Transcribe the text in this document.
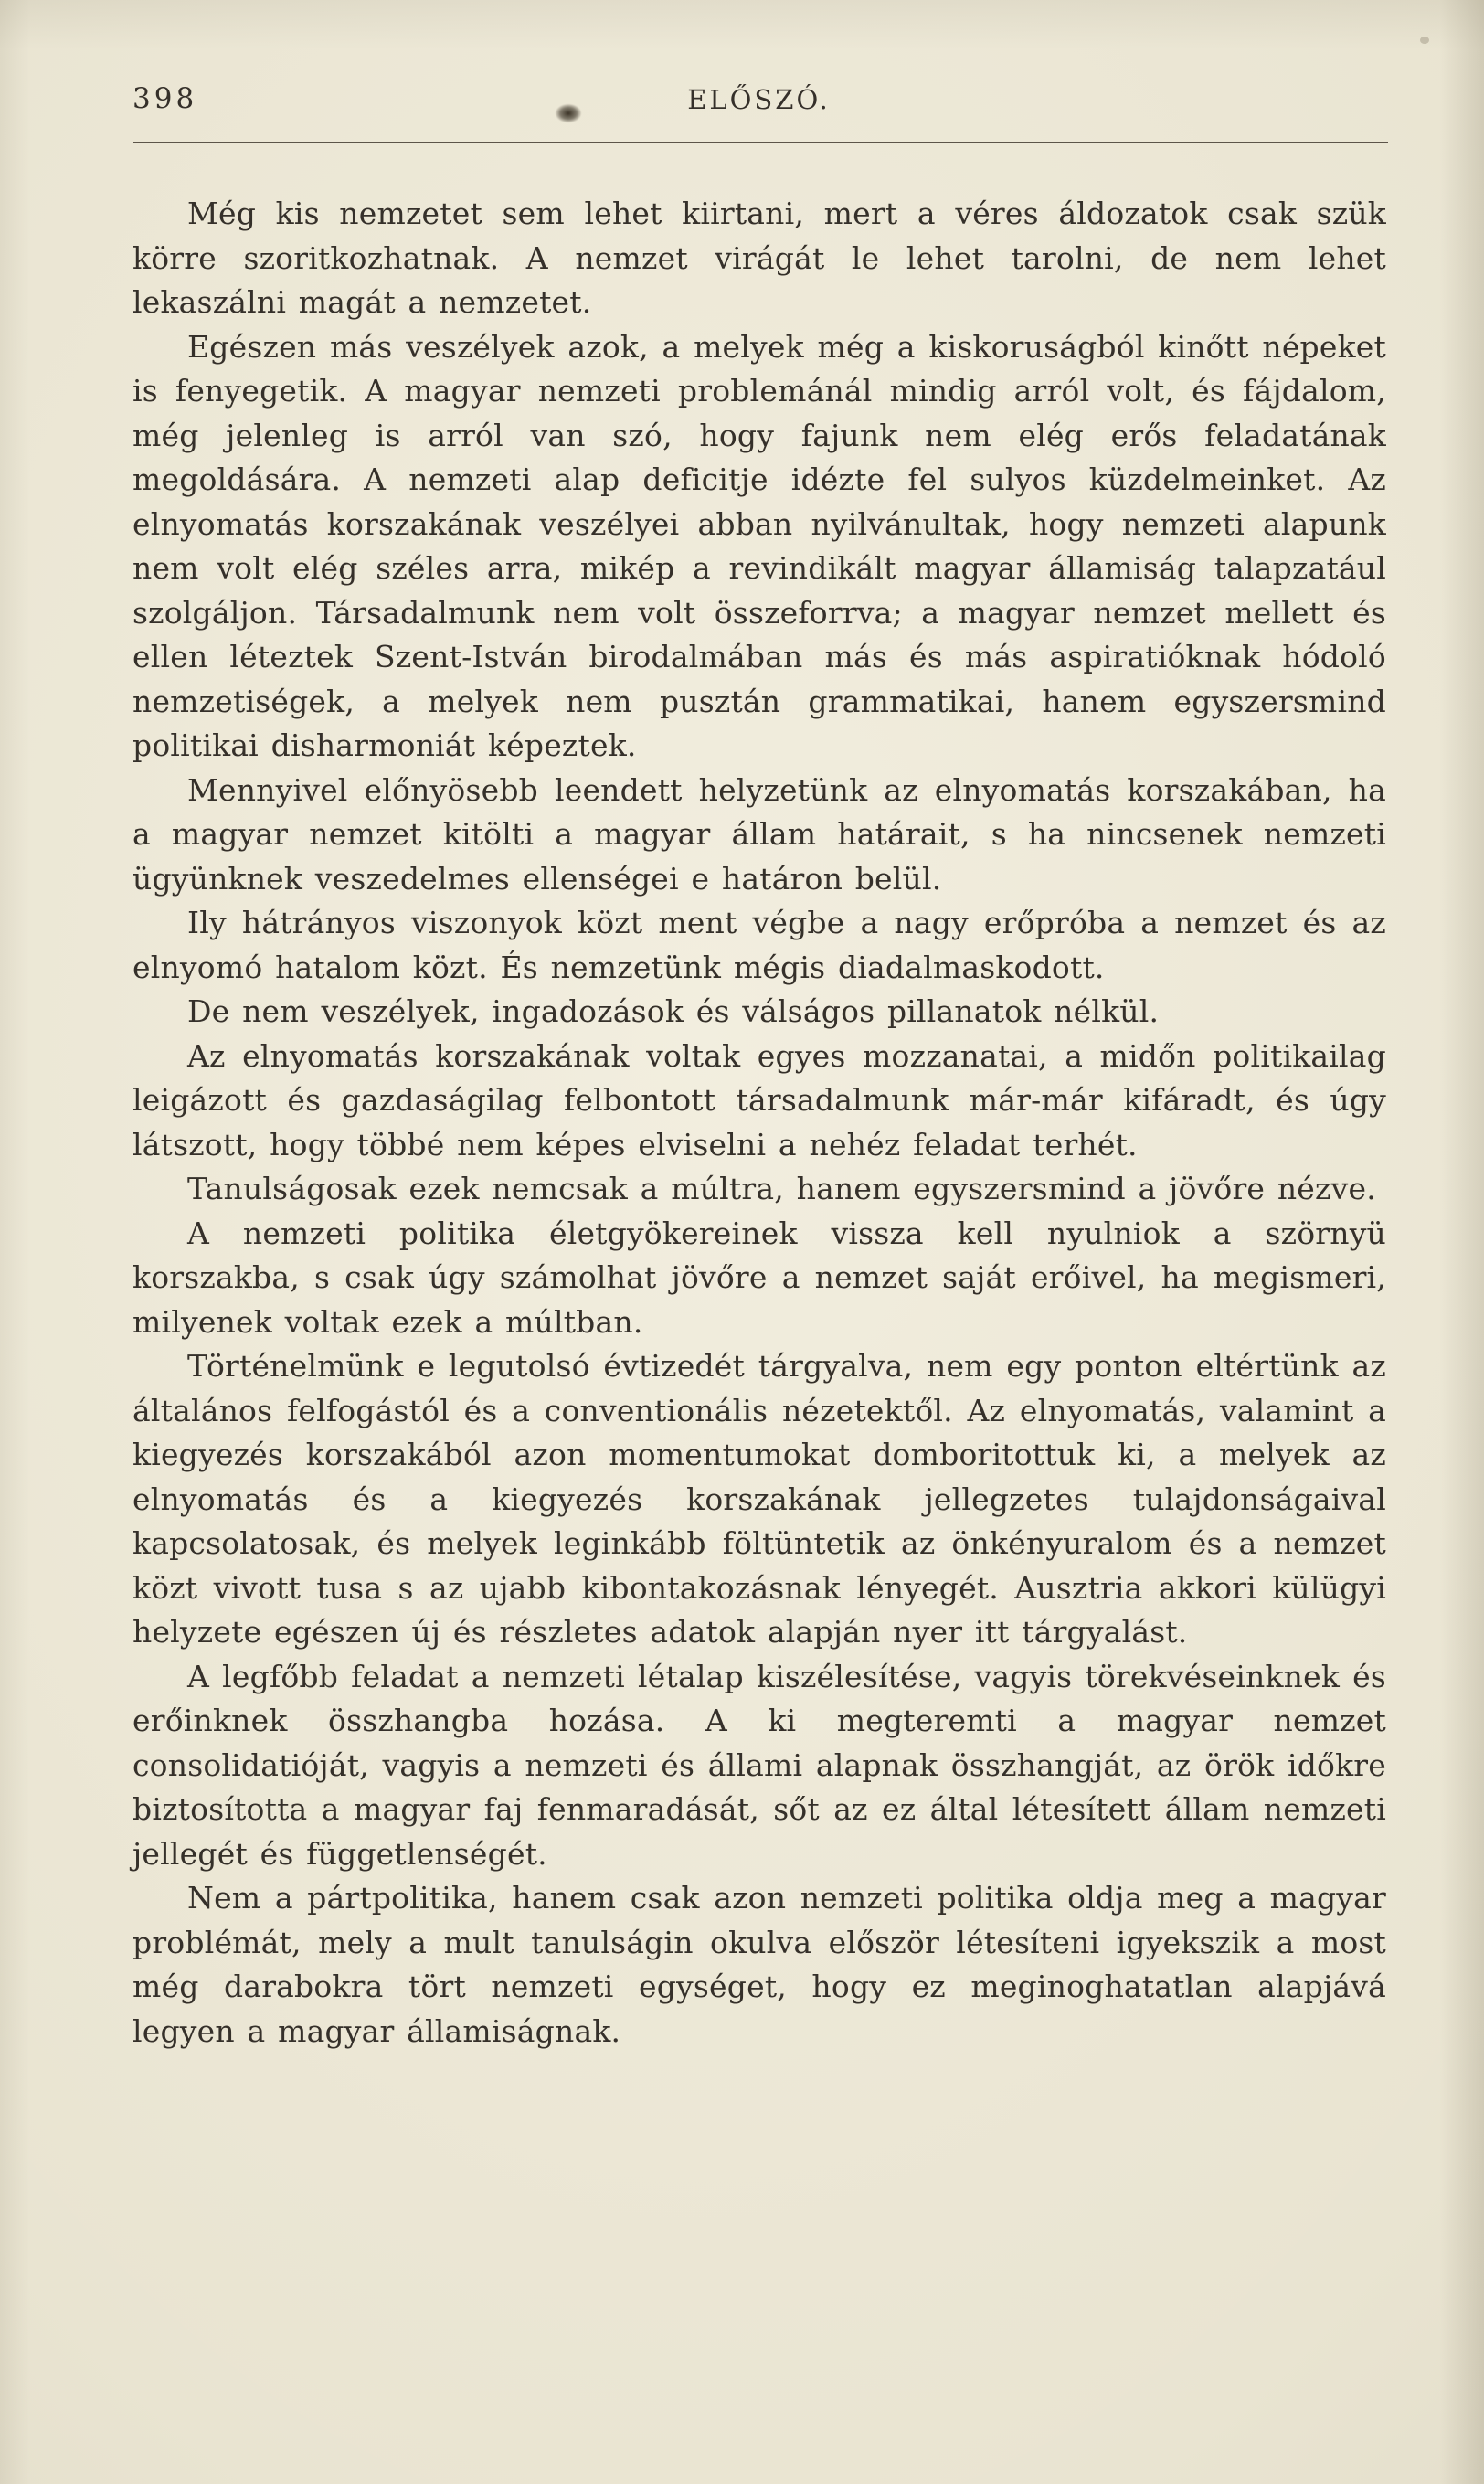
398	ELŐSZÓ.

Még kis nemzetet sem lehet kiirtani, mert a véres áldozatok csak szük körre szoritkozhatnak. A nemzet virágát le lehet tarolni, de nem lehet lekaszálni magát a nemzetet.

Egészen más veszélyek azok, a melyek még a kiskoruságból kinőtt népeket is fenyegetik. A magyar nemzeti problemánál mindig arról volt, és fájdalom, még jelenleg is arról van szó, hogy fajunk nem elég erős feladatának megoldására. A nemzeti alap deficitje idézte fel sulyos küzdelmeinket. Az elnyomatás korszakának veszélyei abban nyilvánultak, hogy nemzeti alapunk nem volt elég széles arra, mikép a revindikált magyar államiság talapzatául szolgáljon. Társadalmunk nem volt összeforrva; a magyar nemzet mellett és ellen léteztek Szent-István birodalmában más és más aspiratióknak hódoló nemzetiségek, a melyek nem pusztán grammatikai, hanem egyszersmind politikai disharmoniát képeztek.

Mennyivel előnyösebb leendett helyzetünk az elnyomatás korszakában, ha a magyar nemzet kitölti a magyar állam határait, s ha nincsenek nemzeti ügyünknek veszedelmes ellenségei e határon belül.

Ily hátrányos viszonyok közt ment végbe a nagy erőpróba a nemzet és az elnyomó hatalom közt. És nemzetünk mégis diadalmaskodott.

De nem veszélyek, ingadozások és válságos pillanatok nélkül.

Az elnyomatás korszakának voltak egyes mozzanatai, a midőn politikailag leigázott és gazdaságilag felbontott társadalmunk már-már kifáradt, és úgy látszott, hogy többé nem képes elviselni a nehéz feladat terhét.

Tanulságosak ezek nemcsak a múltra, hanem egyszersmind a jövőre nézve.

A nemzeti politika életgyökereinek vissza kell nyulniok a szörnyü korszakba, s csak úgy számolhat jövőre a nemzet saját erőivel, ha megismeri, milyenek voltak ezek a múltban.

Történelmünk e legutolsó évtizedét tárgyalva, nem egy ponton eltértünk az általános felfogástól és a conventionális nézetektől. Az elnyomatás, valamint a kiegyezés korszakából azon momentumokat domboritottuk ki, a melyek az elnyomatás és a kiegyezés korszakának jellegzetes tulajdonságaival kapcsolatosak, és melyek leginkább föltüntetik az önkényuralom és a nemzet közt vivott tusa s az ujabb kibontakozásnak lényegét. Ausztria akkori külügyi helyzete egészen új és részletes adatok alapján nyer itt tárgyalást.

A legfőbb feladat a nemzeti létalap kiszélesítése, vagyis törekvéseinknek és erőinknek összhangba hozása. A ki megteremti a magyar nemzet consolidatióját, vagyis a nemzeti és állami alapnak összhangját, az örök időkre biztosította a magyar faj fenmaradását, sőt az ez által létesített állam nemzeti jellegét és függetlenségét.

Nem a pártpolitika, hanem csak azon nemzeti politika oldja meg a magyar problémát, mely a mult tanulságin okulva először létesíteni igyekszik a most még darabokra tört nemzeti egységet, hogy ez meginoghatatlan alapjává legyen a magyar államiságnak.
